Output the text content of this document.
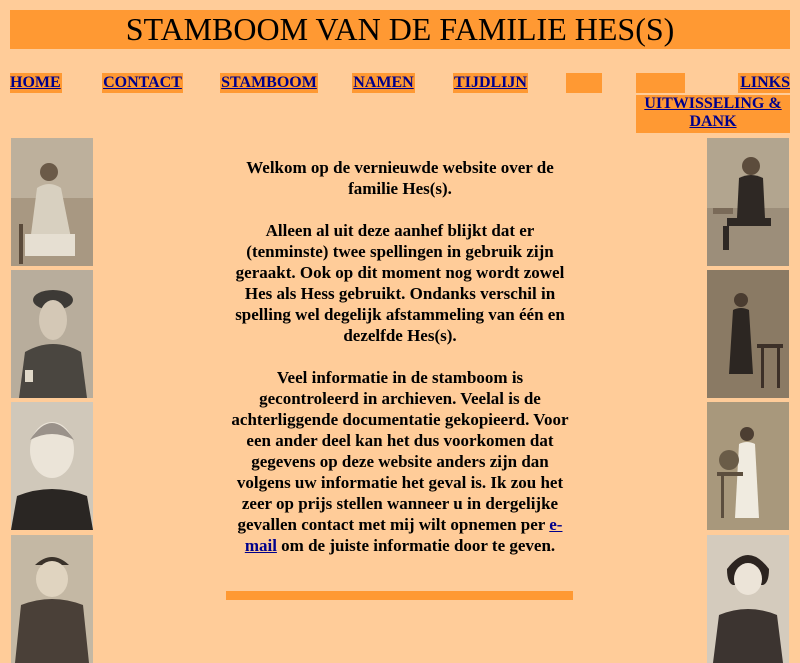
STAMBOOM VAN DE FAMILIE HES(S)
HOME	CONTACT STAMBOOM NAMEN	TIJDLIJN	LINKS
UITWISSELING & DANK

Welkom op de vernieuwde website over de familie Hes(s).

Alleen al uit deze aanhef blijkt dat er (tenminste) twee spellingen in gebruik zijn geraakt. Ook op dit moment nog wordt zowel Hes als Hess gebruikt. Ondanks verschil in spelling wel degelijk afstammeling van één en dezelfde Hes(s).

Veel informatie in de stamboom is gecontroleerd in archieven. Veelal is de achterliggende documentatie gekopieerd. Voor een ander deel kan het dus voorkomen dat gegevens op deze website anders zijn dan volgens uw informatie het geval is. Ik zou het zeer op prijs stellen wanneer u in dergelijke gevallen contact met mij wilt opnemen per e-mail om de juiste informatie door te geven.
